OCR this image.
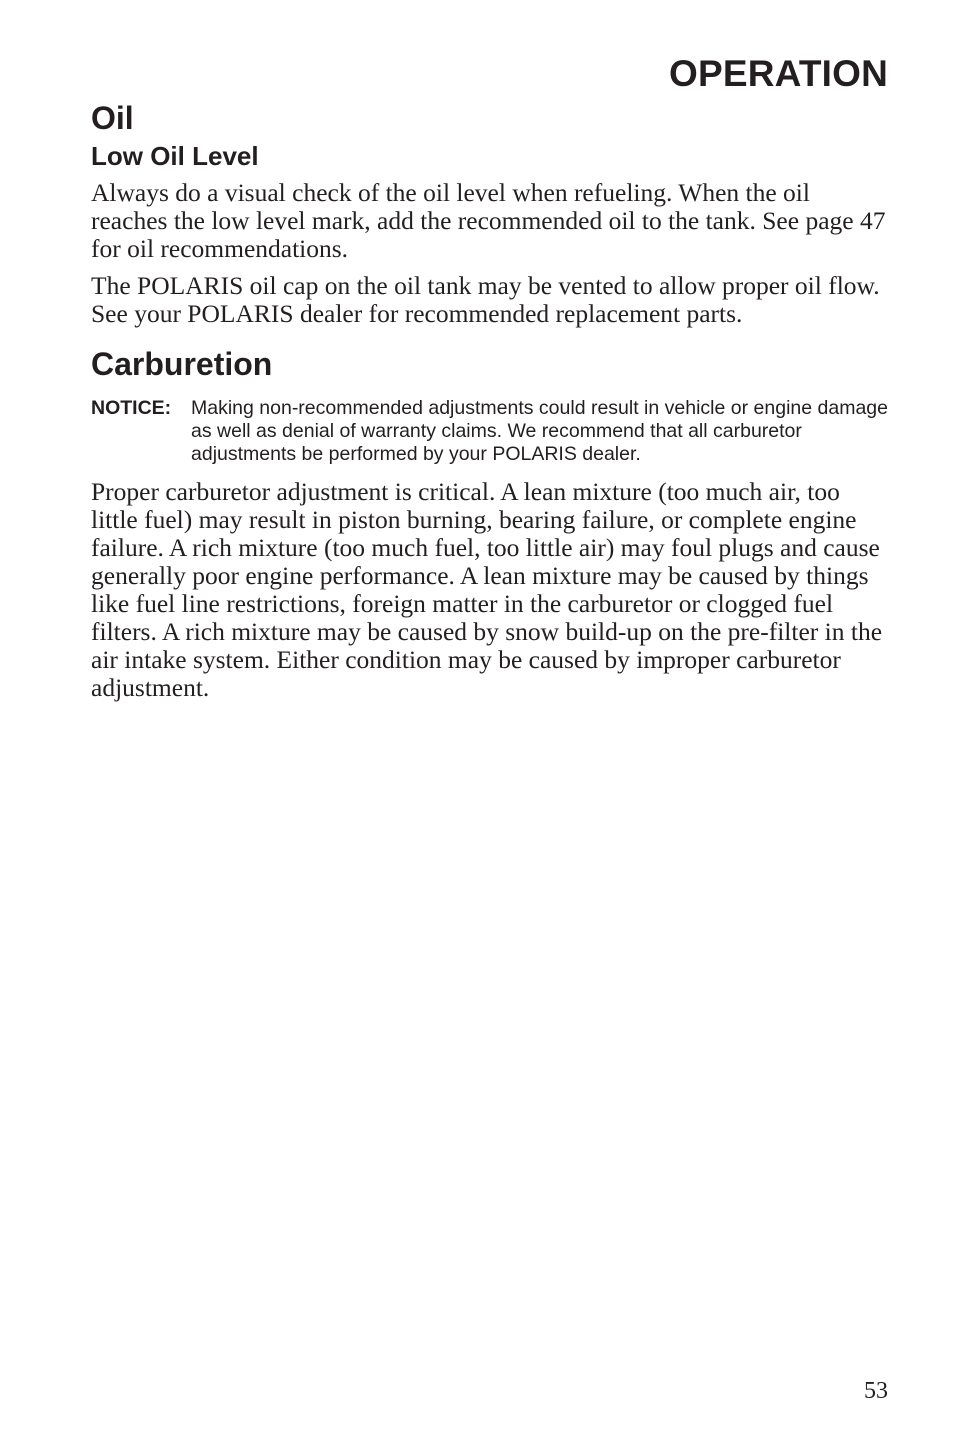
OPERATION
Oil
Low Oil Level

Always do a visual check of the oil level when refueling. When the oil reaches the low level mark, add the recommended oil to the tank. See page 47 for oil recommendations.

The POLARIS oil cap on the oil tank may be vented to allow proper oil flow. See your POLARIS dealer for recommended replacement parts.

Carburetion
NOTICE:	Making non-recommended adjustments could result in vehicle or engine damage as well as denial of warranty claims. We recommend that all carburetor adjustments be performed by your POLARIS dealer.

Proper carburetor adjustment is critical. A lean mixture (too much air, too little fuel) may result in piston burning, bearing failure, or complete engine failure. A rich mixture (too much fuel, too little air) may foul plugs and cause generally poor engine performance. A lean mixture may be caused by things like fuel line restrictions, foreign matter in the carburetor or clogged fuel filters. A rich mixture may be caused by snow build-up on the pre-filter in the air intake system. Either condition may be caused by improper carburetor adjustment.

53
